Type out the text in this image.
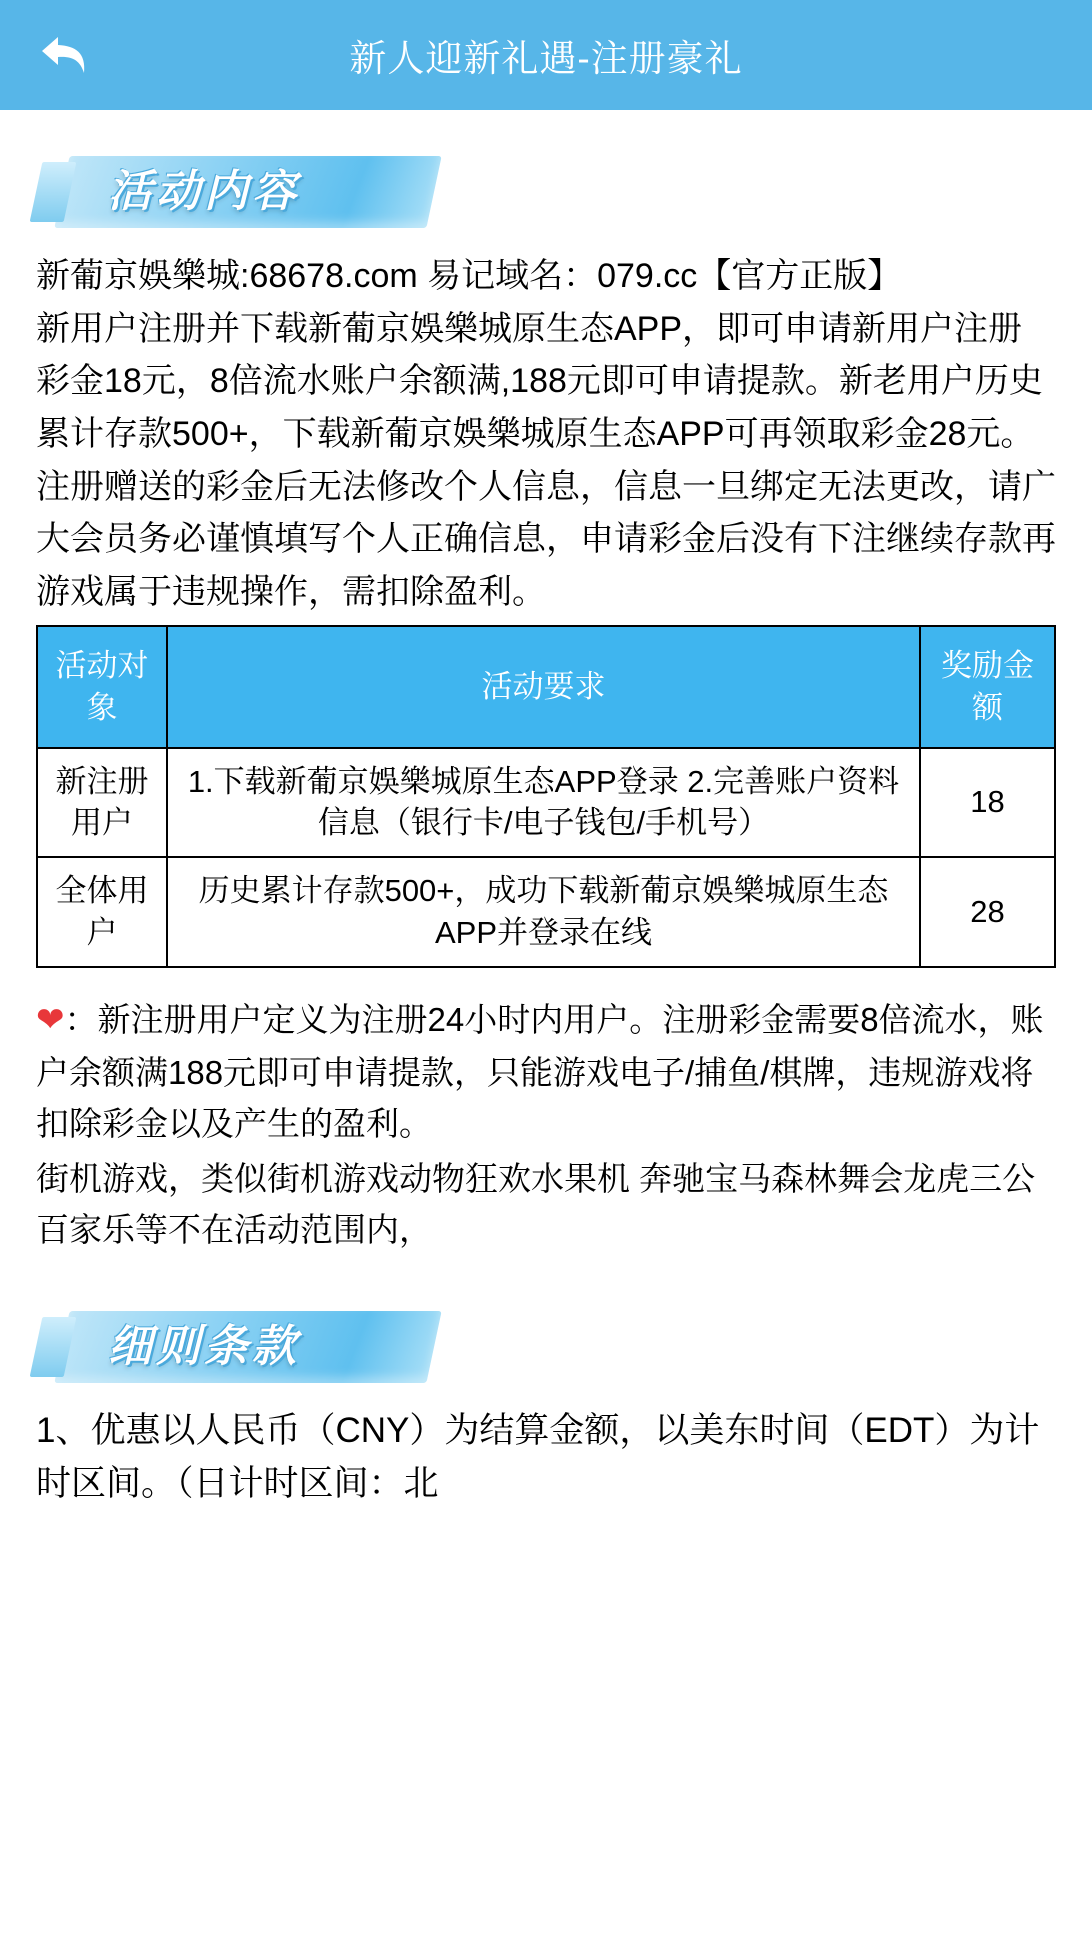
新人迎新礼遇-注册豪礼
活动内容

新葡京娛樂城:68678.com 易记域名：079.cc【官方正版】

新用户注册并下载新葡京娛樂城原生态APP，即可申请新用户注册彩金18元，8倍流水账户余额满,188元即可申请提款。新老用户历史累计存款500+，下载新葡京娛樂城原生态APP可再领取彩金28元。注册赠送的彩金后无法修改个人信息，信息一旦绑定无法更改，请广大会员务必谨慎填写个人正确信息，申请彩金后没有下注继续存款再游戏属于违规操作，需扣除盈利。

活动对象	活动要求	奖励金额
新注册用户	1.下载新葡京娛樂城原生态APP登录 2.完善账户资料信息（银行卡/电子钱包/手机号）	18
全体用户	历史累计存款500+，成功下载新葡京娛樂城原生态APP并登录在线	28

❤：新注册用户定义为注册24小时内用户。注册彩金需要8倍流水，账户余额满188元即可申请提款，只能游戏电子/捕鱼/棋牌，违规游戏将扣除彩金以及产生的盈利。

街机游戏，类似街机游戏动物狂欢水果机 奔驰宝马森林舞会龙虎三公百家乐等不在活动范围内，

细则条款

1、优惠以人民币（CNY）为结算金额，以美东时间（EDT）为计时区间。（日计时区间：北
